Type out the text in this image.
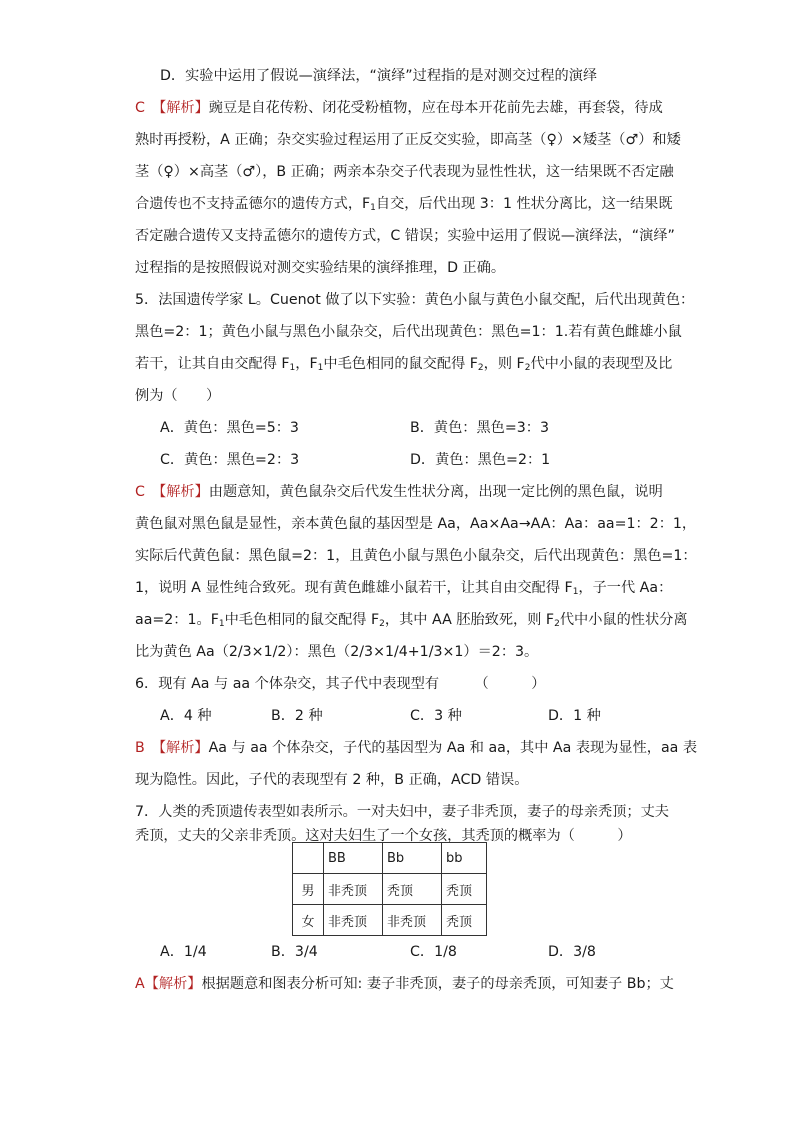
D．实验中运用了假说—演绎法，“演绎”过程指的是对测交过程的演绎
C　 【解析】豌豆是自花传粉、闭花受粉植物，应在母本开花前先去雄，再套袋，待成
熟时再授粉，A 正确；杂交实验过程运用了正反交实验，即高茎（♀）×矮茎（♂）和矮
茎（♀）×高茎（♂），B 正确；两亲本杂交子代表现为显性性状，这一结果既不否定融
合遗传也不支持孟德尔的遗传方式，$F_1$自交，后代出现 3：1 性状分离比，这一结果既
否定融合遗传又支持孟德尔的遗传方式，C 错误；实验中运用了假说—演绎法，“演绎”
过程指的是按照假说对测交实验结果的演绎推理，D 正确。
5．法国遗传学家 L。Cuenot 做了以下实验：黄色小鼠与黄色小鼠交配，后代出现黄色：
黑色=2：1；黄色小鼠与黑色小鼠杂交，后代出现黄色：黑色=1：1.若有黄色雌雄小鼠
若干，让其自由交配得 $F_1$，$F_1$中毛色相同的鼠交配得 $F_2$，则 $F_2$代中小鼠的表现型及比
例为（　　）
A．黄色：黑色=5：3	B．黄色：黑色=3：3
C．黄色：黑色=2：3	D．黄色：黑色=2：1
C　 【解析】由题意知，黄色鼠杂交后代发生性状分离，出现一定比例的黑色鼠，说明
黄色鼠对黑色鼠是显性，亲本黄色鼠的基因型是 Aa，Aa×Aa→AA：Aa：aa=1：2：1，
实际后代黄色鼠：黑色鼠=2：1，且黄色小鼠与黑色小鼠杂交，后代出现黄色：黑色=1：
1，说明 A 显性纯合致死。现有黄色雌雄小鼠若干，让其自由交配得 $F_1$，子一代 Aa：
aa=2：1。$F_1$中毛色相同的鼠交配得 $F_2$，其中 AA 胚胎致死，则 $F_2$代中小鼠的性状分离
比为黄色 Aa（2/3×1/2）：黑色（2/3×1/4+1/3×1）＝2：3。
6．现有 Aa 与 aa 个体杂交，其子代中表现型有　　　（　　　）
A．4 种	B．2 种	C．3 种	D．1 种
B　 【解析】Aa 与 aa 个体杂交，子代的基因型为 Aa 和 aa，其中 Aa 表现为显性，aa 表
现为隐性。因此，子代的表现型有 2 种，B 正确，ACD 错误。
7．人类的秃顶遗传表型如表所示。一对夫妇中，妻子非秃顶，妻子的母亲秃顶；丈夫
秃顶，丈夫的父亲非秃顶。这对夫妇生了一个女孩，其秃顶的概率为（　　　）
	BB	Bb	bb
男	非秃顶	秃顶	秃顶
女	非秃顶	非秃顶	秃顶
A．1/4	B．3/4	C．1/8	D．3/8
A【解析】根据题意和图表分析可知: 妻子非秃顶，妻子的母亲秃顶，可知妻子 Bb；丈
